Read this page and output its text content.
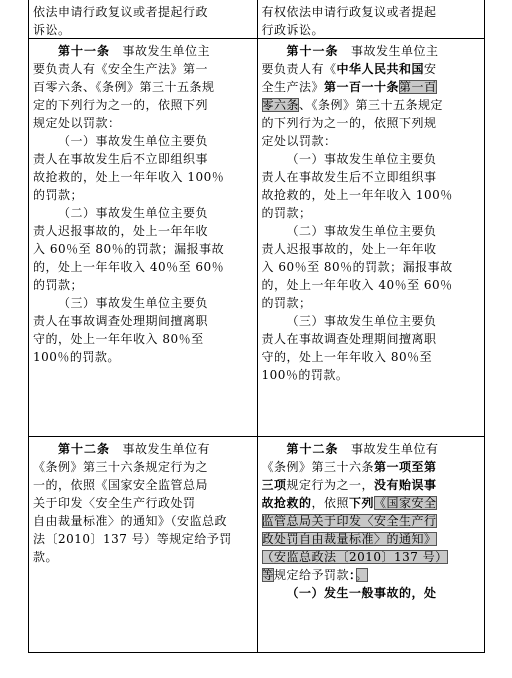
依法申请行政复议或者提起行政
诉讼。
有权依法申请行政复议或者提起
行政诉讼。
  第十一条  事故发生单位主
要负责人有《安全生产法》第一
百零六条、《条例》第三十五条规
定的下列行为之一的，依照下列
规定处以罚款：
  （一）事故发生单位主要负
责人在事故发生后不立即组织事
故抢救的，处上一年年收入 100％
的罚款；
  （二）事故发生单位主要负
责人迟报事故的，处上一年年收
入 60％至 80％的罚款；漏报事故
的，处上一年年收入 40％至 60％
的罚款；
  （三）事故发生单位主要负
责人在事故调查处理期间擅离职
守的，处上一年年收入 80％至
100％的罚款。
  第十一条  事故发生单位主
要负责人有《中华人民共和国安
全生产法》第一百一十条第一百
零六条、《条例》第三十五条规定
的下列行为之一的，依照下列规
定处以罚款：
  （一）事故发生单位主要负
责人在事故发生后不立即组织事
故抢救的，处上一年年收入 100％
的罚款；
  （二）事故发生单位主要负
责人迟报事故的，处上一年年收
入 60％至 80％的罚款；漏报事故
的，处上一年年收入 40％至 60％
的罚款；
  （三）事故发生单位主要负
责人在事故调查处理期间擅离职
守的，处上一年年收入 80％至
100％的罚款。
  第十二条  事故发生单位有
《条例》第三十六条规定行为之
一的，依照《国家安全监管总局
关于印发〈安全生产行政处罚
自由裁量标准〉的通知》（安监总政
法〔2010〕137 号）等规定给予罚
款。
  第十二条  事故发生单位有
《条例》第三十六条第一项至第
三项规定行为之一，没有贻误事
故抢救的，依照下列《国家安全
监管总局关于印发〈安全生产行
政处罚自由裁量标准〉的通知》
（安监总政法〔2010〕137 号）
等规定给予罚款：。
  （一）发生一般事故的，处
